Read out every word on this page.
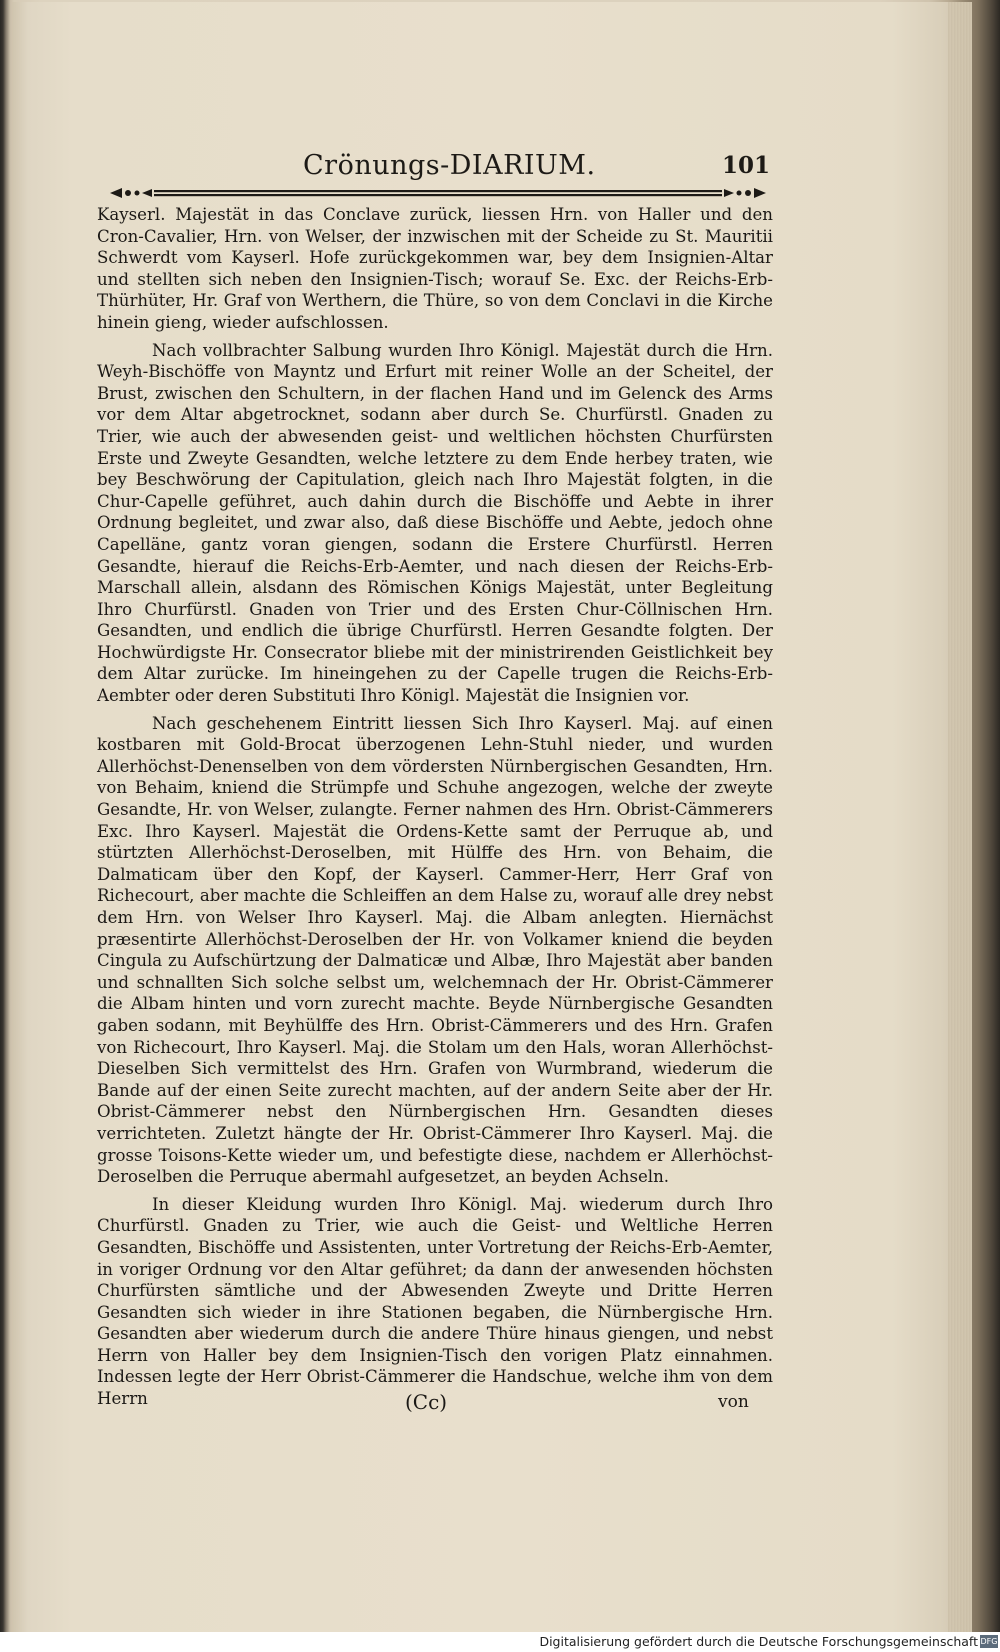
Crönungs-DIARIUM.	101

Kayserl. Majestät in das Conclave zurück, liessen Hrn. von Haller und den Cron-Cavalier, Hrn. von Welser, der inzwischen mit der Scheide zu St. Mauritii Schwerdt vom Kayserl. Hofe zurückgekommen war, bey dem Insignien-Altar und stellten sich neben den Insignien-Tisch; worauf Se. Exc. der Reichs-Erb-Thürhüter, Hr. Graf von Werthern, die Thüre, so von dem Conclavi in die Kirche hinein gieng, wieder aufschlossen.

Nach vollbrachter Salbung wurden Ihro Königl. Majestät durch die Hrn. Weyh-Bischöffe von Mayntz und Erfurt mit reiner Wolle an der Scheitel, der Brust, zwischen den Schultern, in der flachen Hand und im Gelenck des Arms vor dem Altar abgetrocknet, sodann aber durch Se. Churfürstl. Gnaden zu Trier, wie auch der abwesenden geist- und weltlichen höchsten Churfürsten Erste und Zweyte Gesandten, welche letztere zu dem Ende herbey traten, wie bey Beschwörung der Capitulation, gleich nach Ihro Majestät folgten, in die Chur-Capelle geführet, auch dahin durch die Bischöffe und Aebte in ihrer Ordnung begleitet, und zwar also, daß diese Bischöffe und Aebte, jedoch ohne Capelläne, gantz voran giengen, sodann die Erstere Churfürstl. Herren Gesandte, hierauf die Reichs-Erb-Aemter, und nach diesen der Reichs-Erb-Marschall allein, alsdann des Römischen Königs Majestät, unter Begleitung Ihro Churfürstl. Gnaden von Trier und des Ersten Chur-Cöllnischen Hrn. Gesandten, und endlich die übrige Churfürstl. Herren Gesandte folgten. Der Hochwürdigste Hr. Consecrator bliebe mit der ministrirenden Geistlichkeit bey dem Altar zurücke. Im hineingehen zu der Capelle trugen die Reichs-Erb-Aembter oder deren Substituti Ihro Königl. Majestät die Insignien vor.

Nach geschehenem Eintritt liessen Sich Ihro Kayserl. Maj. auf einen kostbaren mit Gold-Brocat überzogenen Lehn-Stuhl nieder, und wurden Allerhöchst-Denenselben von dem vördersten Nürnbergischen Gesandten, Hrn. von Behaim, kniend die Strümpfe und Schuhe angezogen, welche der zweyte Gesandte, Hr. von Welser, zulangte. Ferner nahmen des Hrn. Obrist-Cämmerers Exc. Ihro Kayserl. Majestät die Ordens-Kette samt der Perruque ab, und stürtzten Allerhöchst-Deroselben, mit Hülffe des Hrn. von Behaim, die Dalmaticam über den Kopf, der Kayserl. Cammer-Herr, Herr Graf von Richecourt, aber machte die Schleiffen an dem Halse zu, worauf alle drey nebst dem Hrn. von Welser Ihro Kayserl. Maj. die Albam anlegten. Hiernächst præsentirte Allerhöchst-Deroselben der Hr. von Volkamer kniend die beyden Cingula zu Aufschürtzung der Dalmaticæ und Albæ, Ihro Majestät aber banden und schnallten Sich solche selbst um, welchemnach der Hr. Obrist-Cämmerer die Albam hinten und vorn zurecht machte. Beyde Nürnbergische Gesandten gaben sodann, mit Beyhülffe des Hrn. Obrist-Cämmerers und des Hrn. Grafen von Richecourt, Ihro Kayserl. Maj. die Stolam um den Hals, woran Allerhöchst-Dieselben Sich vermittelst des Hrn. Grafen von Wurmbrand, wiederum die Bande auf der einen Seite zurecht machten, auf der andern Seite aber der Hr. Obrist-Cämmerer nebst den Nürnbergischen Hrn. Gesandten dieses verrichteten. Zuletzt hängte der Hr. Obrist-Cämmerer Ihro Kayserl. Maj. die grosse Toisons-Kette wieder um, und befestigte diese, nachdem er Allerhöchst-Deroselben die Perruque abermahl aufgesetzet, an beyden Achseln.

In dieser Kleidung wurden Ihro Königl. Maj. wiederum durch Ihro Churfürstl. Gnaden zu Trier, wie auch die Geist- und Weltliche Herren Gesandten, Bischöffe und Assistenten, unter Vortretung der Reichs-Erb-Aemter, in voriger Ordnung vor den Altar geführet; da dann der anwesenden höchsten Churfürsten sämtliche und der Abwesenden Zweyte und Dritte Herren Gesandten sich wieder in ihre Stationen begaben, die Nürnbergische Hrn. Gesandten aber wiederum durch die andere Thüre hinaus giengen, und nebst Herrn von Haller bey dem Insignien-Tisch den vorigen Platz einnahmen. Indessen legte der Herr Obrist-Cämmerer die Handschue, welche ihm von dem Herrn	(Cc)	von
Digitalisierung gefördert durch die Deutsche Forschungsgemeinschaft DFG
